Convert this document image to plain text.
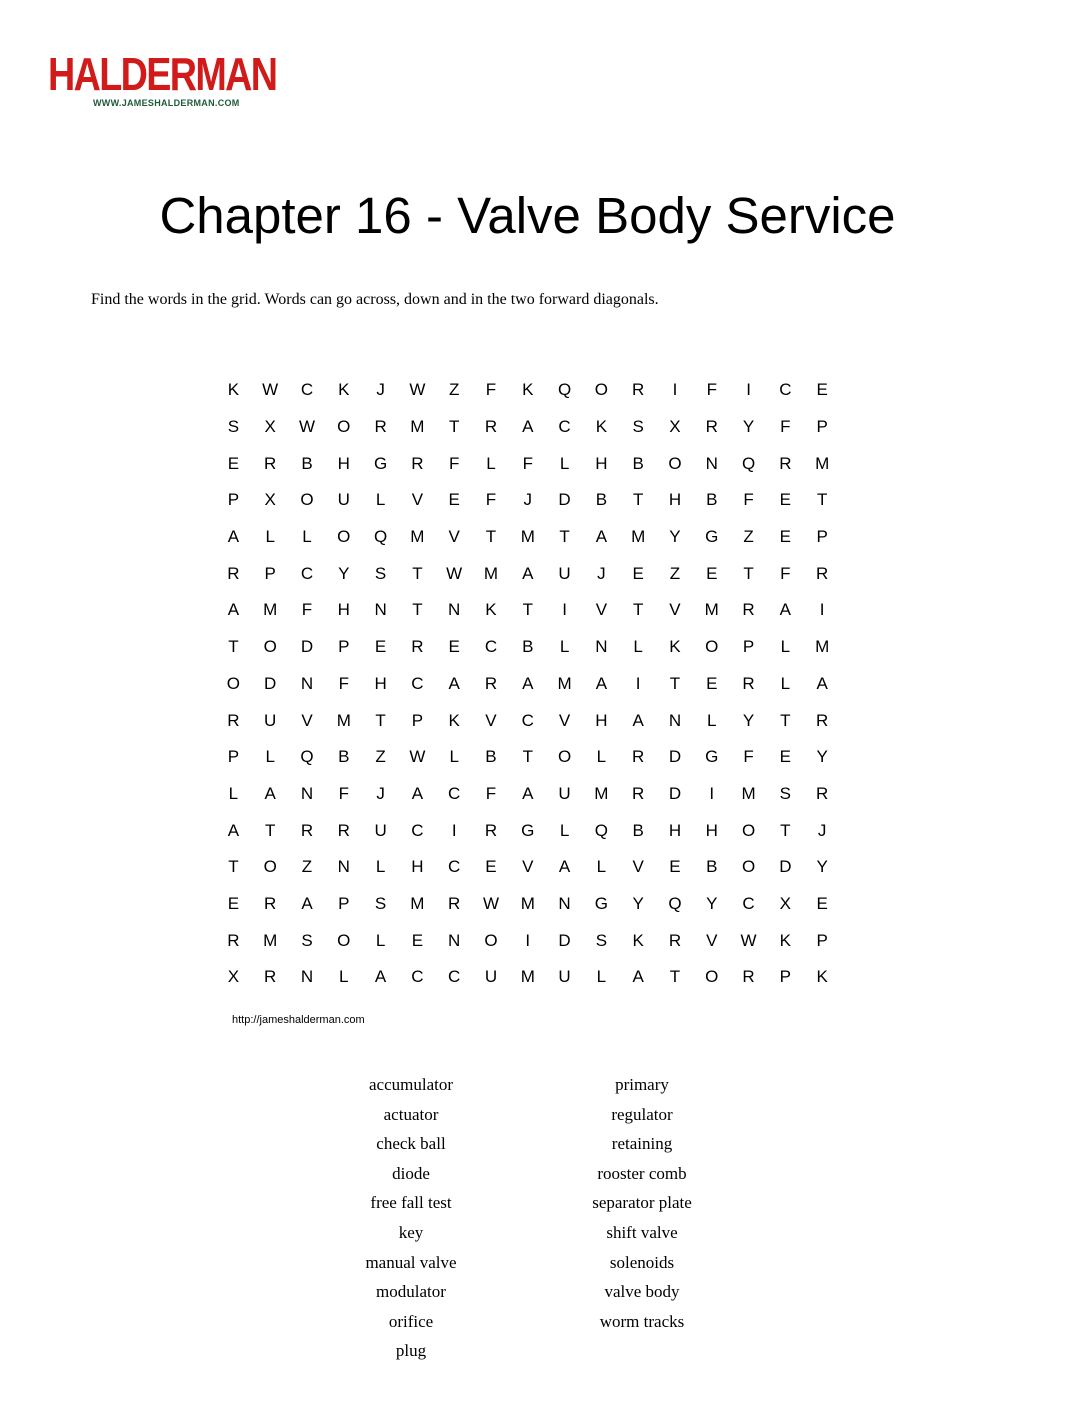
HALDERMAN
WWW.JAMESHALDERMAN.COM
Chapter 16 - Valve Body Service

Find the words in the grid. Words can go across, down and in the two forward diagonals.

K	W	C	K	J	W	Z	F	K	Q	O	R	I	F	I	C	E
S	X	W	O	R	M	T	R	A	C	K	S	X	R	Y	F	P
E	R	B	H	G	R	F	L	F	L	H	B	O	N	Q	R	M
P	X	O	U	L	V	E	F	J	D	B	T	H	B	F	E	T
A	L	L	O	Q	M	V	T	M	T	A	M	Y	G	Z	E	P
R	P	C	Y	S	T	W	M	A	U	J	E	Z	E	T	F	R
A	M	F	H	N	T	N	K	T	I	V	T	V	M	R	A	I
T	O	D	P	E	R	E	C	B	L	N	L	K	O	P	L	M
O	D	N	F	H	C	A	R	A	M	A	I	T	E	R	L	A
R	U	V	M	T	P	K	V	C	V	H	A	N	L	Y	T	R
P	L	Q	B	Z	W	L	B	T	O	L	R	D	G	F	E	Y
L	A	N	F	J	A	C	F	A	U	M	R	D	I	M	S	R
A	T	R	R	U	C	I	R	G	L	Q	B	H	H	O	T	J
T	O	Z	N	L	H	C	E	V	A	L	V	E	B	O	D	Y
E	R	A	P	S	M	R	W	M	N	G	Y	Q	Y	C	X	E
R	M	S	O	L	E	N	O	I	D	S	K	R	V	W	K	P
X	R	N	L	A	C	C	U	M	U	L	A	T	O	R	P	K

http://jameshalderman.com

accumulator
actuator
check ball
diode
free fall test
key
manual valve
modulator
orifice
plug
primary
regulator
retaining
rooster comb
separator plate
shift valve
solenoids
valve body
worm tracks
